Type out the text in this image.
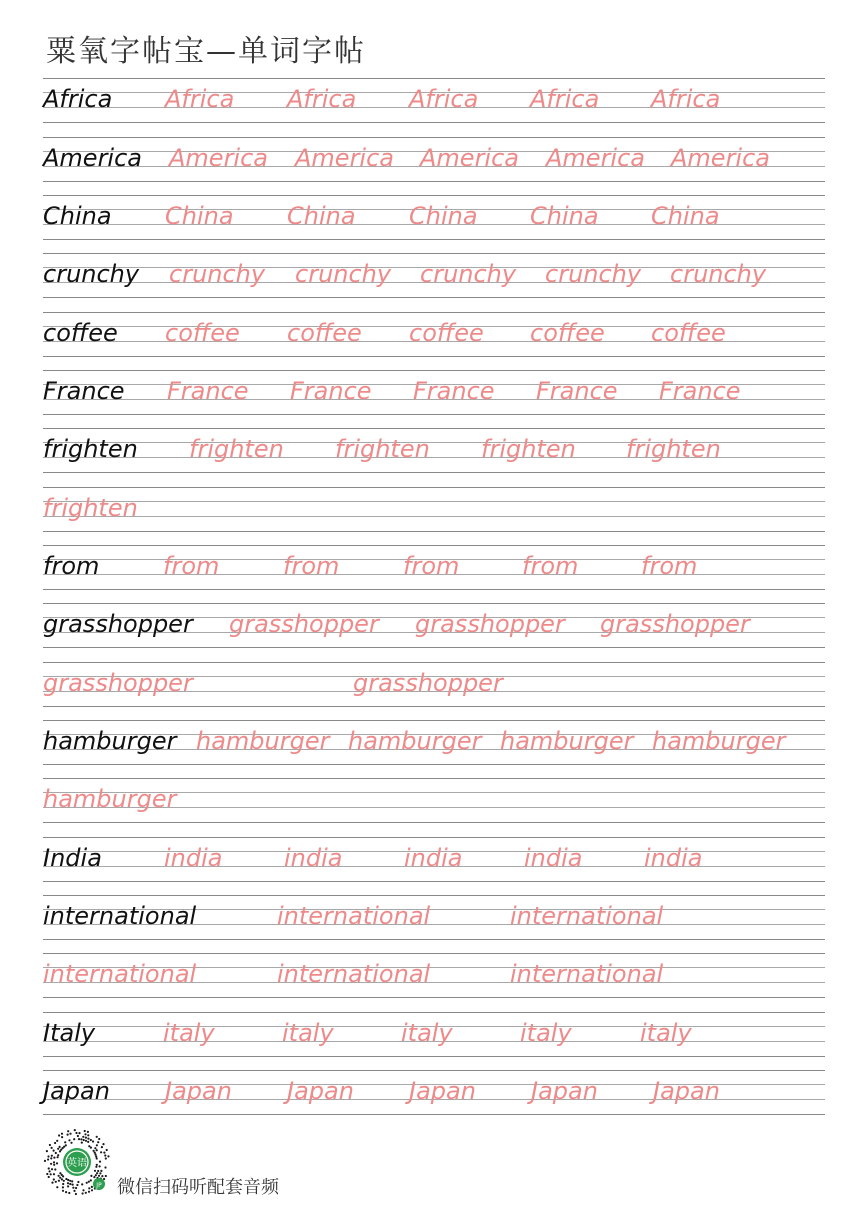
粟氧字帖宝—单词字帖
Africa Africa Africa Africa Africa Africa
America America America America America America
China China China China China China
crunchy crunchy crunchy crunchy crunchy crunchy
coffee coffee coffee coffee coffee coffee
France France France France France France
frighten frighten frighten frighten frighten
frighten
from	from	from	from	from	from
grasshopper grasshopper grasshopper grasshopper
grasshopper	grasshopper
hamburger hamburger hamburger hamburger hamburger
hamburger
India	india	india	india	india	india
international	international	international
international	international	international
Italy	italy	italy	italy	italy	italy
Japan Japan Japan Japan Japan Japan
英语
JP 微信扫码听配套音频
